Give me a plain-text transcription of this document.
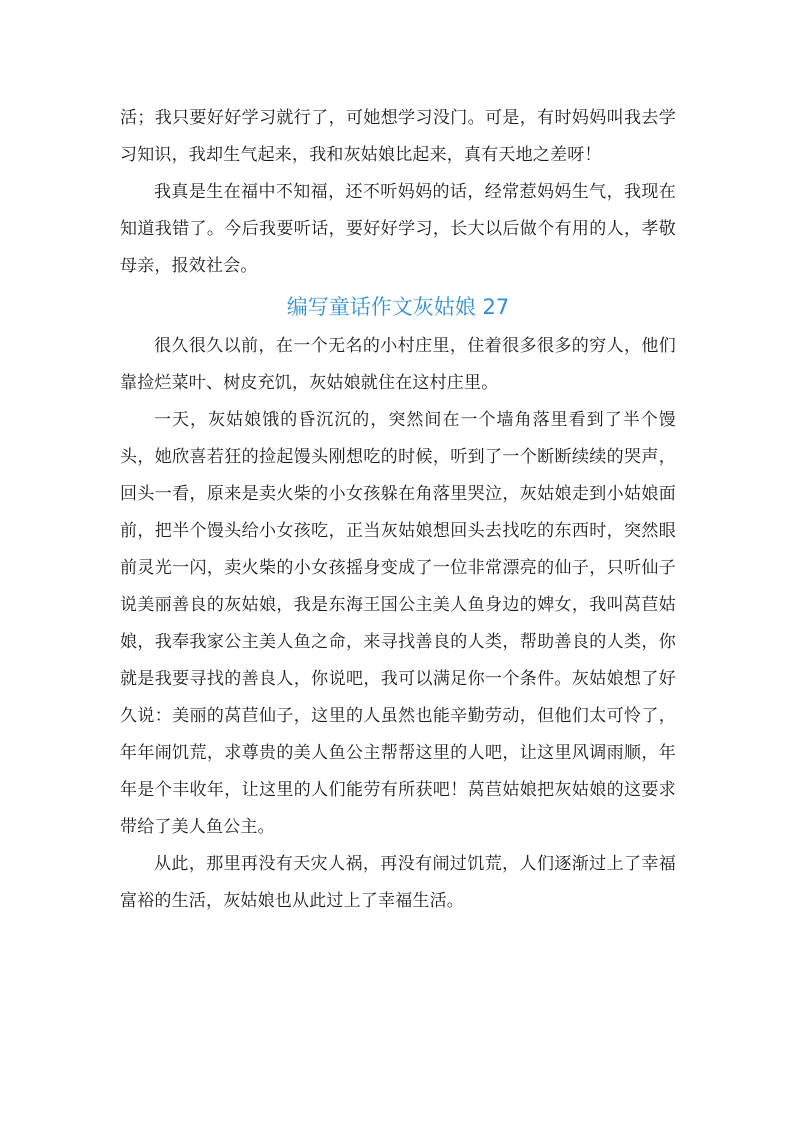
活；我只要好好学习就行了，可她想学习没门。可是，有时妈妈叫我去学习知识，我却生气起来，我和灰姑娘比起来，真有天地之差呀！

我真是生在福中不知福，还不听妈妈的话，经常惹妈妈生气，我现在知道我错了。今后我要听话，要好好学习，长大以后做个有用的人，孝敬母亲，报效社会。

编写童话作文灰姑娘 27

很久很久以前，在一个无名的小村庄里，住着很多很多的穷人，他们靠捡烂菜叶、树皮充饥，灰姑娘就住在这村庄里。

一天，灰姑娘饿的昏沉沉的，突然间在一个墙角落里看到了半个馒头，她欣喜若狂的捡起馒头刚想吃的时候，听到了一个断断续续的哭声，回头一看，原来是卖火柴的小女孩躲在角落里哭泣，灰姑娘走到小姑娘面前，把半个馒头给小女孩吃，正当灰姑娘想回头去找吃的东西时，突然眼前灵光一闪，卖火柴的小女孩摇身变成了一位非常漂亮的仙子，只听仙子说美丽善良的灰姑娘，我是东海王国公主美人鱼身边的婢女，我叫莴苣姑娘，我奉我家公主美人鱼之命，来寻找善良的人类，帮助善良的人类，你就是我要寻找的善良人，你说吧，我可以满足你一个条件。灰姑娘想了好久说：美丽的莴苣仙子，这里的人虽然也能辛勤劳动，但他们太可怜了，年年闹饥荒，求尊贵的美人鱼公主帮帮这里的人吧，让这里风调雨顺，年年是个丰收年，让这里的人们能劳有所获吧！莴苣姑娘把灰姑娘的这要求带给了美人鱼公主。

从此，那里再没有天灾人祸，再没有闹过饥荒，人们逐渐过上了幸福富裕的生活，灰姑娘也从此过上了幸福生活。
